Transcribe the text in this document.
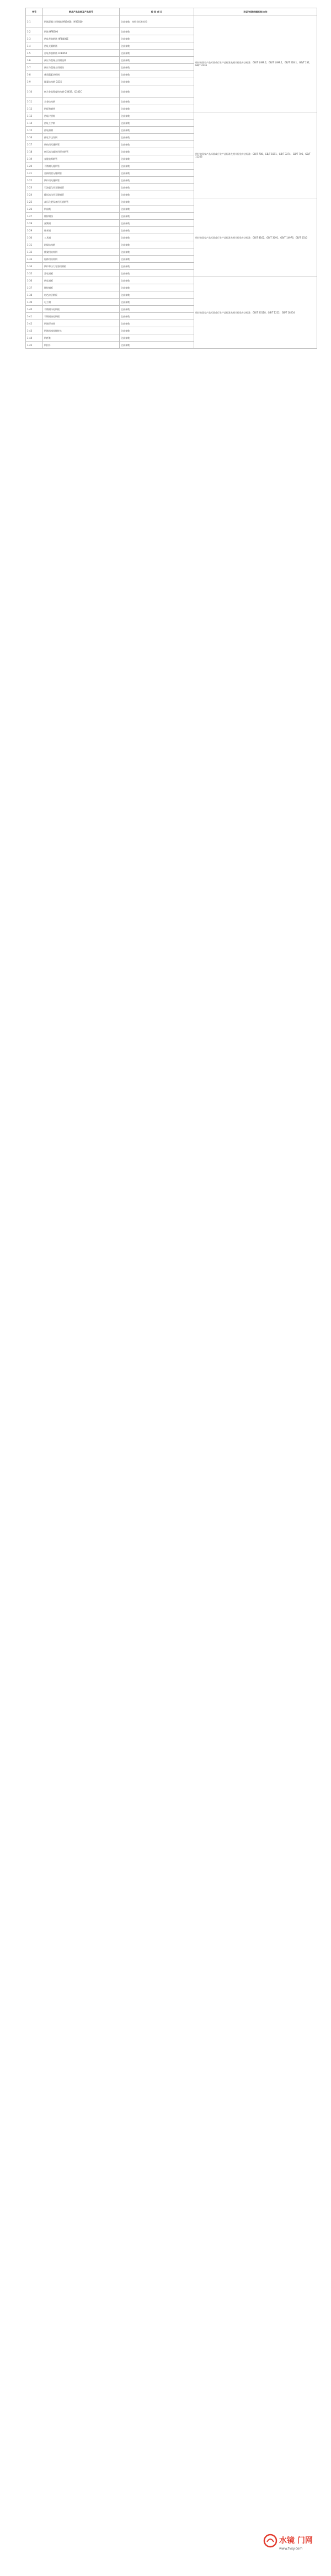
序号	钢品产品名称及产品型号	检 验 项 目	验证/检测依据标准/方法
1-1	钢筋混凝土用钢筋 HRB400、HRB500	全部参数，按相关标准检验	相应的国家产品标准或行业产品标准及相关检验方法标准：GB/T 1499.2、GB/T 1499.1、GB/T 228.1、GB/T 232、GB/T 4336
1-2	钢筋 HPB300	全部参数	
1-3	热轧带肋钢筋 HRB400E	全部参数	
1-4	热轧光圆钢筋	全部参数	
1-5	冷轧带肋钢筋 CRB550	全部参数	
1-6	预应力混凝土用钢绞线	全部参数	
1-7	预应力混凝土用钢丝	全部参数	
1-8	优质碳素结构钢	全部参数	
1-9	碳素结构钢 Q235	全部参数	
1-10	低合金高强度结构钢 Q345B、Q345C	全部参数	
1-11	合金结构钢	全部参数	
1-12	钢板和钢带	全部参数	
1-13	热轧H型钢	全部参数	相应的国家产品标准或行业产品标准及相关检验方法标准：GB/T 700、GB/T 1591、GB/T 3274、GB/T 706、GB/T 11263
1-14	热轧工字钢	全部参数	
1-15	热轧槽钢	全部参数	
1-16	热轧等边角钢	全部参数	
1-17	结构用无缝钢管	全部参数	
1-18	低压流体输送用焊接钢管	全部参数	
1-19	直缝电焊钢管	全部参数	
1-20	不锈钢无缝钢管	全部参数	
1-21	冷拔精密无缝钢管	全部参数	
1-22	锅炉用无缝钢管	全部参数	
1-23	石油裂化用无缝钢管	全部参数	
1-24	输送流体用无缝钢管	全部参数	
1-25	高压化肥设备用无缝钢管	全部参数	相应的国家产品标准或行业产品标准及相关检验方法标准：GB/T 8162、GB/T 3091、GB/T 14976、GB/T 5310
1-26	钢丝绳	全部参数	
1-27	镀锌钢丝	全部参数	
1-28	弹簧钢	全部参数	
1-29	轴承钢	全部参数	
1-30	工具钢	全部参数	
1-31	耐候结构钢	全部参数	
1-32	桥梁用结构钢	全部参数	
1-33	船体用结构钢	全部参数	
1-34	锅炉和压力容器用钢板	全部参数	
1-35	冷轧钢板	全部参数	
1-36	热轧钢板	全部参数	相应的国家产品标准或行业产品标准及相关检验方法标准：GB/T 20118、GB/T 1222、GB/T 18254
1-37	镀锌钢板	全部参数	
1-38	彩色涂层钢板	全部参数	
1-39	电工钢	全部参数	
1-40	不锈钢冷轧钢板	全部参数	
1-41	不锈钢热轧钢板	全部参数	
1-42	钢筋焊接网	全部参数	
1-43	钢筋机械连接接头	全部参数	
1-44	钢纤维	全部参数	
1-45	钢拉杆	全部参数	
水镜 门网
www.fvsy.com
